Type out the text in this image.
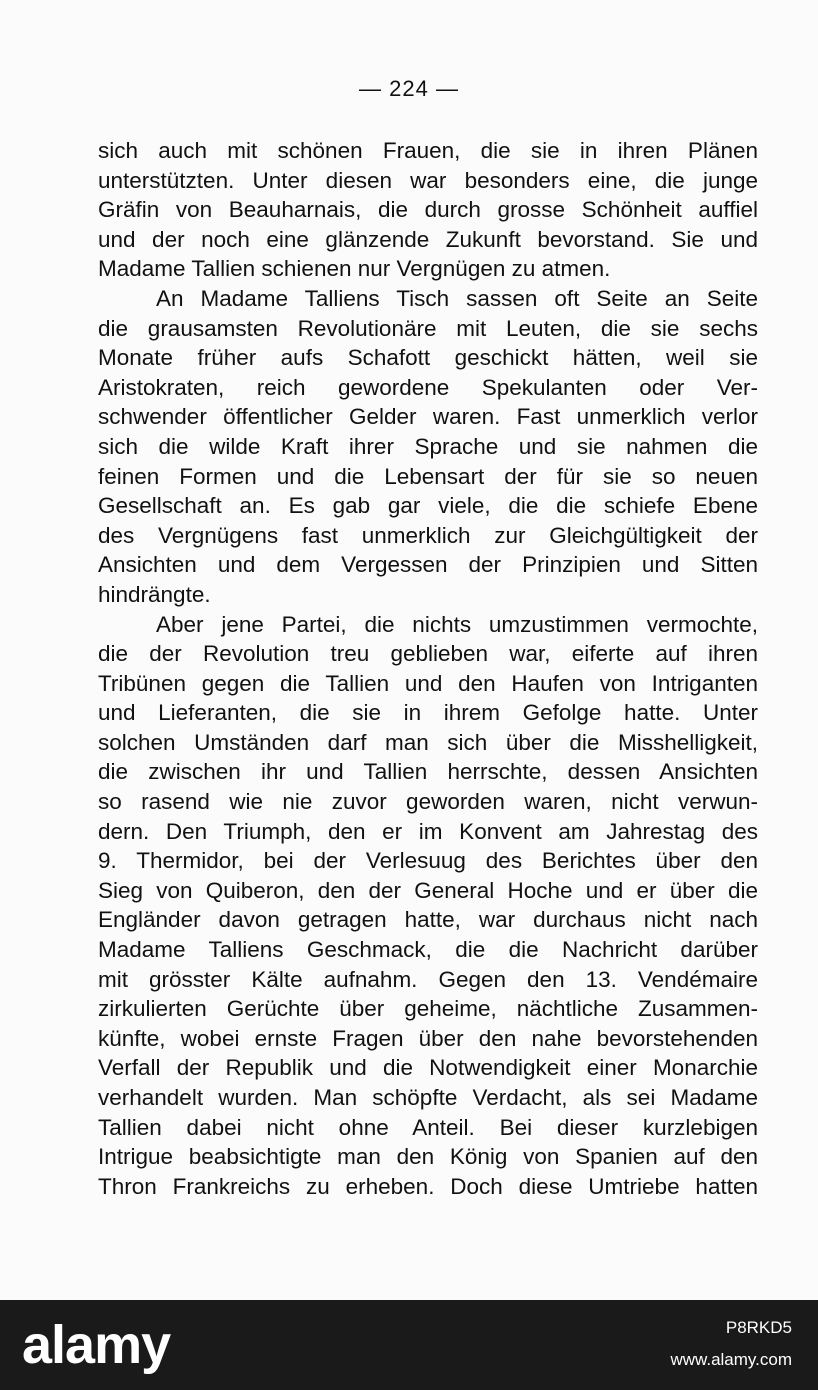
— 224 —

sich auch mit schönen Frauen, die sie in ihren Plänen
unterstützten. Unter diesen war besonders eine, die junge
Gräfin von Beauharnais, die durch grosse Schönheit auffiel
und der noch eine glänzende Zukunft bevorstand. Sie und
Madame Tallien schienen nur Vergnügen zu atmen.

An Madame Talliens Tisch sassen oft Seite an Seite
die grausamsten Revolutionäre mit Leuten, die sie sechs
Monate früher aufs Schafott geschickt hätten, weil sie
Aristokraten, reich gewordene Spekulanten oder Ver-
schwender öffentlicher Gelder waren. Fast unmerklich verlor
sich die wilde Kraft ihrer Sprache und sie nahmen die
feinen Formen und die Lebensart der für sie so neuen
Gesellschaft an. Es gab gar viele, die die schiefe Ebene
des Vergnügens fast unmerklich zur Gleichgültigkeit der
Ansichten und dem Vergessen der Prinzipien und Sitten
hindrängte.

Aber jene Partei, die nichts umzustimmen vermochte,
die der Revolution treu geblieben war, eiferte auf ihren
Tribünen gegen die Tallien und den Haufen von Intriganten
und Lieferanten, die sie in ihrem Gefolge hatte. Unter
solchen Umständen darf man sich über die Misshelligkeit,
die zwischen ihr und Tallien herrschte, dessen Ansichten
so rasend wie nie zuvor geworden waren, nicht verwun-
dern. Den Triumph, den er im Konvent am Jahrestag des
9. Thermidor, bei der Verlesuug des Berichtes über den
Sieg von Quiberon, den der General Hoche und er über die
Engländer davon getragen hatte, war durchaus nicht nach
Madame Talliens Geschmack, die die Nachricht darüber
mit grösster Kälte aufnahm. Gegen den 13. Vendémaire
zirkulierten Gerüchte über geheime, nächtliche Zusammen-
künfte, wobei ernste Fragen über den nahe bevorstehenden
Verfall der Republik und die Notwendigkeit einer Monarchie
verhandelt wurden. Man schöpfte Verdacht, als sei Madame
Tallien dabei nicht ohne Anteil. Bei dieser kurzlebigen
Intrigue beabsichtigte man den König von Spanien auf den
Thron Frankreichs zu erheben. Doch diese Umtriebe hatten

alamy	P8RKD5
www.alamy.com
